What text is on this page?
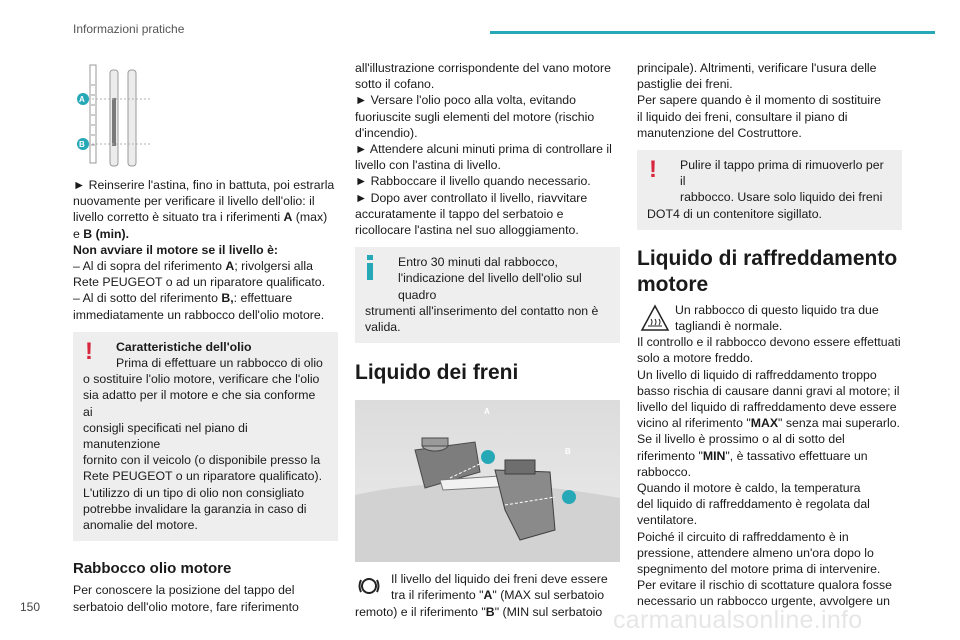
Informazioni pratiche
A
B

► Reinserire l'astina, fino in battuta, poi estrarla

nuovamente per verificare il livello dell'olio: il

livello corretto è situato tra i riferimenti A (max)

e B (min).

Non avviare il motore se il livello è:

– Al di sopra del riferimento A; rivolgersi alla

Rete PEUGEOT o ad un riparatore qualificato.

– Al di sotto del riferimento B,: effettuare

immediatamente un rabbocco dell'olio motore.

!	Caratteristiche dell'olio

Prima di effettuare un rabbocco di olio

o sostituire l'olio motore, verificare che l'olio

sia adatto per il motore e che sia conforme ai

consigli specificati nel piano di manutenzione

fornito con il veicolo (o disponibile presso la

Rete PEUGEOT o un riparatore qualificato).

L'utilizzo di un tipo di olio non consigliato

potrebbe invalidare la garanzia in caso di

anomalie del motore.

Rabbocco olio motore

Per conoscere la posizione del tappo del

serbatoio dell'olio motore, fare riferimento

all'illustrazione corrispondente del vano motore

sotto il cofano.

► Versare l'olio poco alla volta, evitando

fuoriuscite sugli elementi del motore (rischio

d'incendio).

► Attendere alcuni minuti prima di controllare il

livello con l'astina di livello.

► Rabboccare il livello quando necessario.

► Dopo aver controllato il livello, riavvitare

accuratamente il tappo del serbatoio e

ricollocare l'astina nel suo alloggiamento.

Entro 30 minuti dal rabbocco,

l'indicazione del livello dell'olio sul quadro

strumenti all'inserimento del contatto non è

valida.

Liquido dei freni
A
B

Il livello del liquido dei freni deve essere

tra il riferimento "A" (MAX sul serbatoio

remoto) e il riferimento "B" (MIN sul serbatoio

principale). Altrimenti, verificare l'usura delle

pastiglie dei freni.

Per sapere quando è il momento di sostituire

il liquido dei freni, consultare il piano di

manutenzione del Costruttore.

!	Pulire il tappo prima di rimuoverlo per il

rabbocco. Usare solo liquido dei freni

DOT4 di un contenitore sigillato.

Liquido di raffreddamento
motore

Un rabbocco di questo liquido tra due

tagliandi è normale.

Il controllo e il rabbocco devono essere effettuati

solo a motore freddo.

Un livello di liquido di raffreddamento troppo

basso rischia di causare danni gravi al motore; il

livello del liquido di raffreddamento deve essere

vicino al riferimento "MAX" senza mai superarlo.

Se il livello è prossimo o al di sotto del

riferimento "MIN", è tassativo effettuare un

rabbocco.

Quando il motore è caldo, la temperatura

del liquido di raffreddamento è regolata dal

ventilatore.

Poiché il circuito di raffreddamento è in

pressione, attendere almeno un'ora dopo lo

spegnimento del motore prima di intervenire.

Per evitare il rischio di scottature qualora fosse

necessario un rabbocco urgente, avvolgere un

150	carmanualsonline.info
